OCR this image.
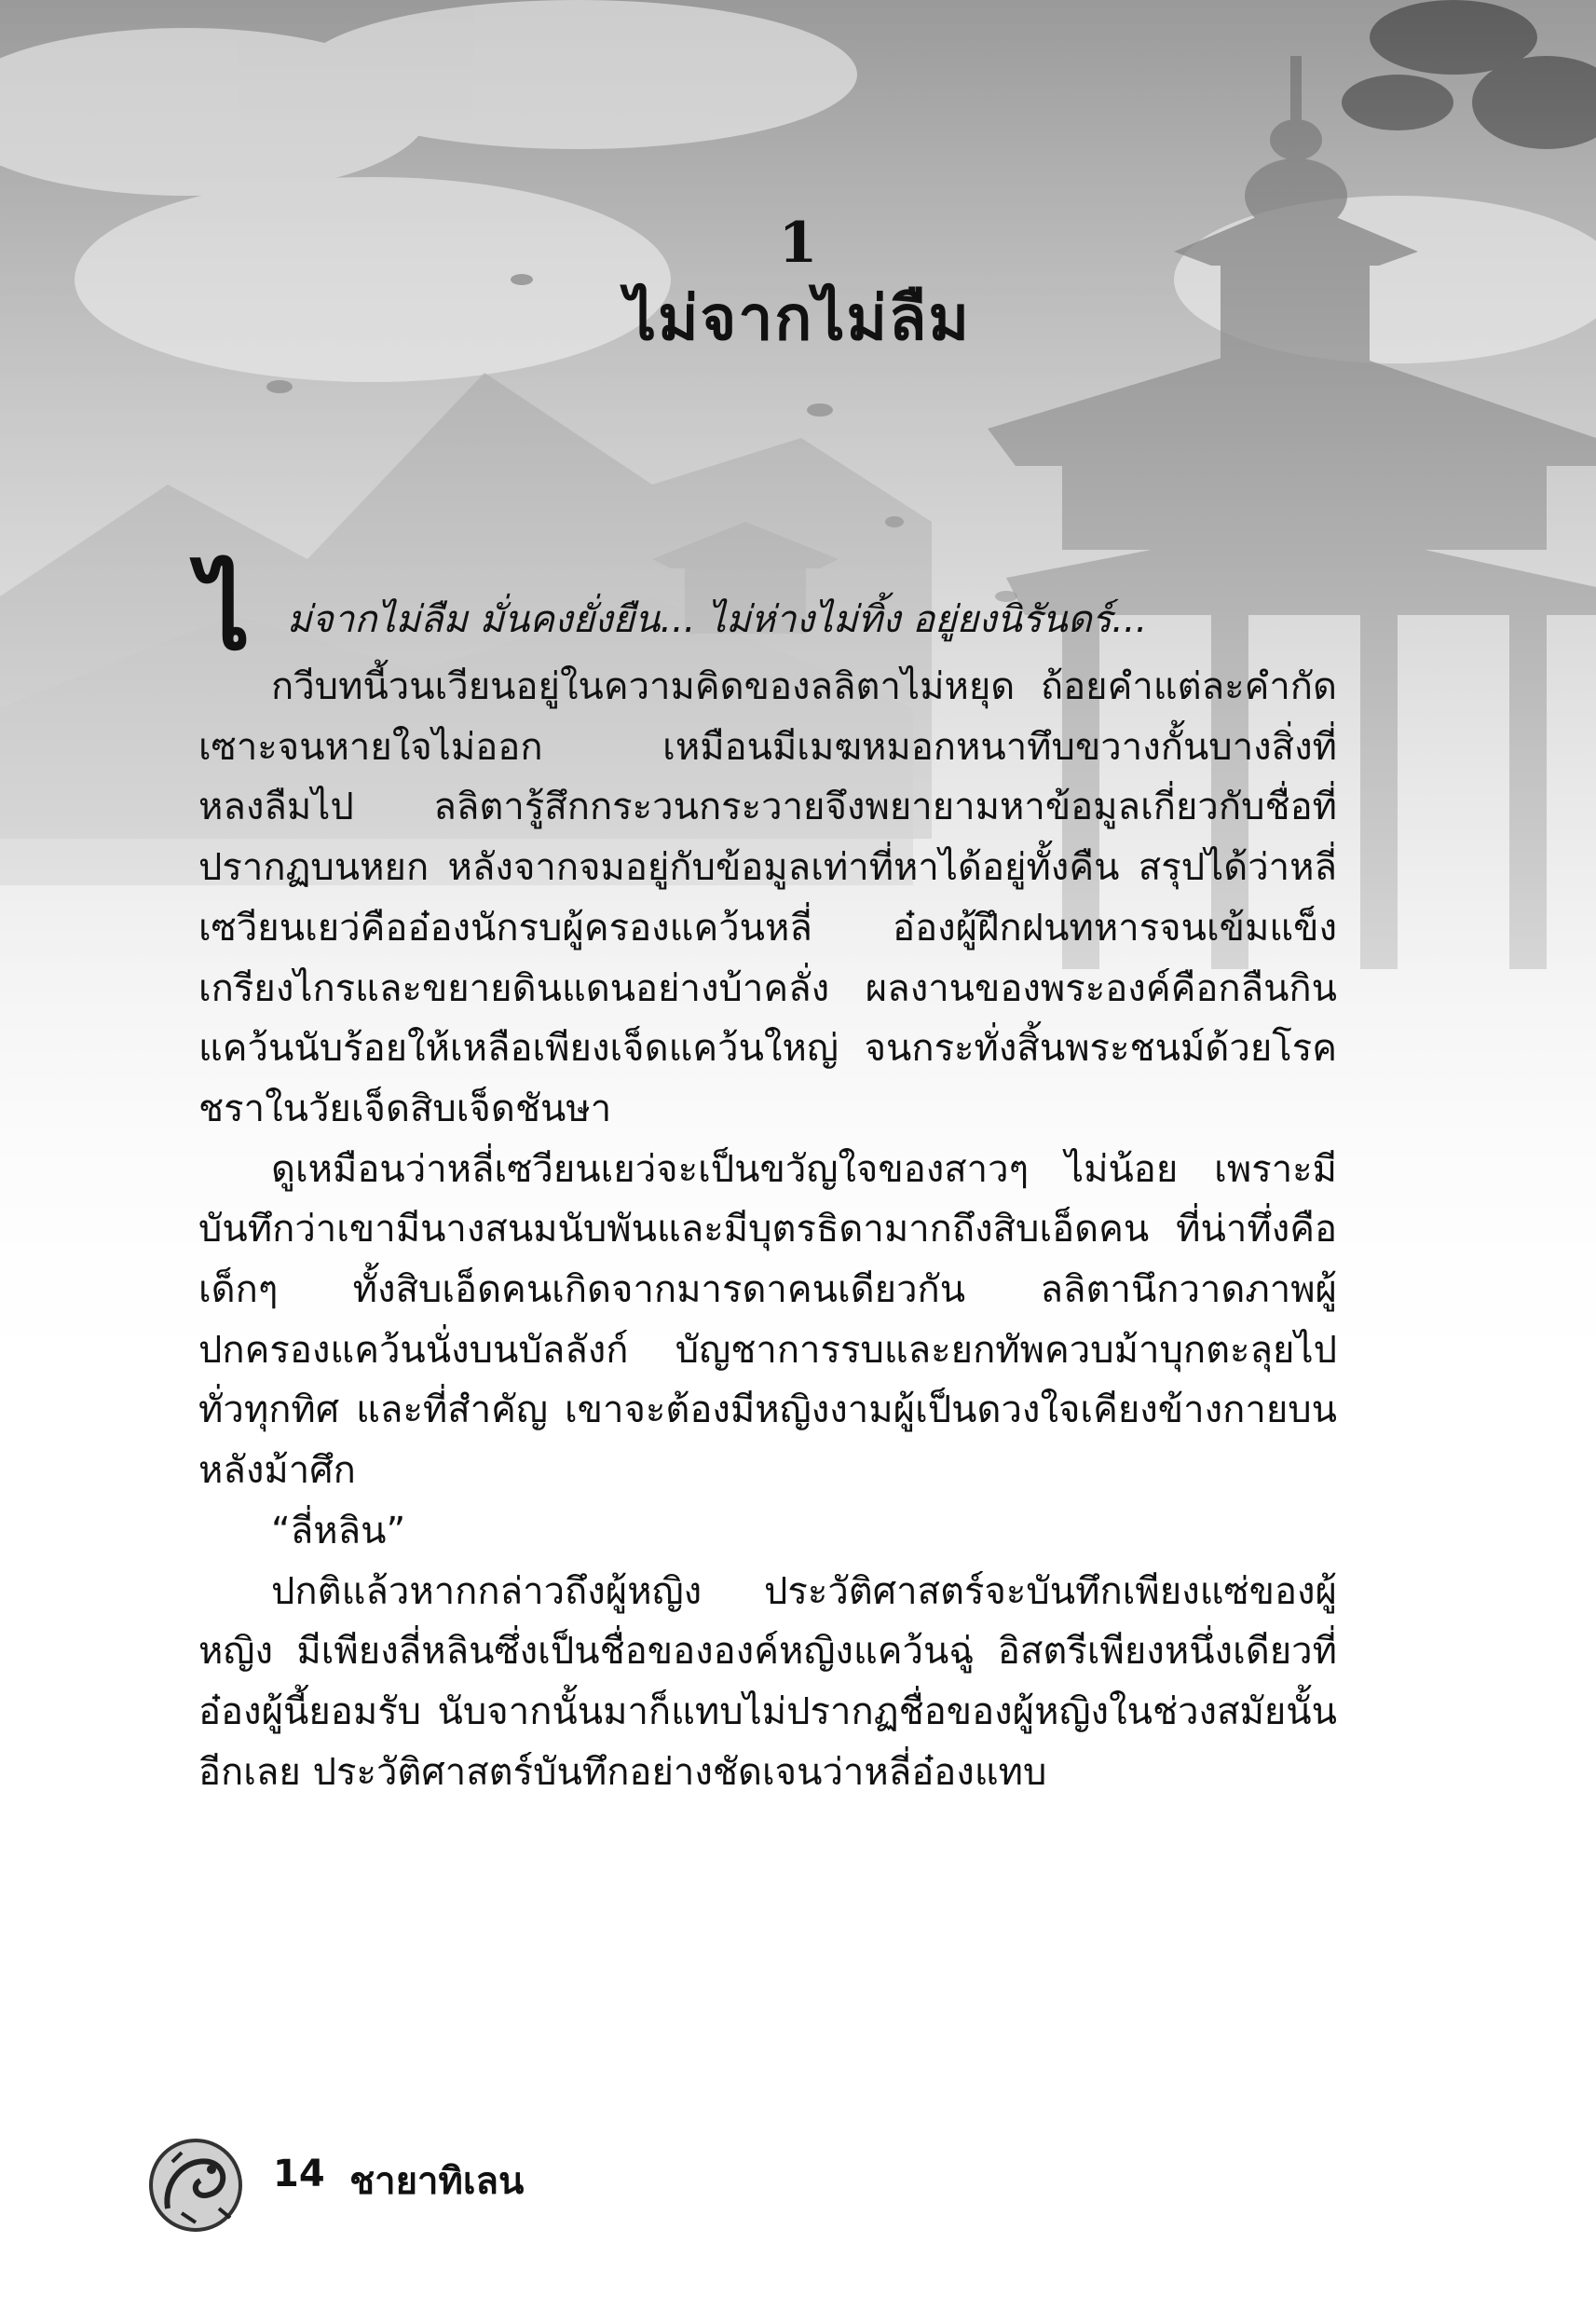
1
ไม่จากไม่ลืม
ไ ม่จากไม่ลืม มั่นคงยั่งยืน... ไม่ห่างไม่ทิ้ง อยู่ยงนิรันดร์...

กวีบทนี้วนเวียนอยู่ในความคิดของลลิตาไม่หยุด ถ้อยคำแต่ละคำกัดเซาะจนหายใจไม่ออก เหมือนมีเมฆหมอกหนาทึบขวางกั้นบางสิ่งที่หลงลืมไป ลลิตารู้สึกกระวนกระวายจึงพยายามหาข้อมูลเกี่ยวกับชื่อที่ปรากฏบนหยก หลังจากจมอยู่กับข้อมูลเท่าที่หาได้อยู่ทั้งคืน สรุปได้ว่าหลี่เซวียนเยว่คืออ๋องนักรบผู้ครองแคว้นหลี่ อ๋องผู้ฝึกฝนทหารจนเข้มแข็งเกรียงไกรและขยายดินแดนอย่างบ้าคลั่ง ผลงานของพระองค์คือกลืนกินแคว้นนับร้อยให้เหลือเพียงเจ็ดแคว้นใหญ่ จนกระทั่งสิ้นพระชนม์ด้วยโรคชราในวัยเจ็ดสิบเจ็ดชันษา

ดูเหมือนว่าหลี่เซวียนเยว่จะเป็นขวัญใจของสาวๆ ไม่น้อย เพราะมีบันทึกว่าเขามีนางสนมนับพันและมีบุตรธิดามากถึงสิบเอ็ดคน ที่น่าทึ่งคือเด็กๆ ทั้งสิบเอ็ดคนเกิดจากมารดาคนเดียวกัน ลลิตานึกวาดภาพผู้ปกครองแคว้นนั่งบนบัลลังก์ บัญชาการรบและยกทัพควบม้าบุกตะลุยไปทั่วทุกทิศ และที่สำคัญ เขาจะต้องมีหญิงงามผู้เป็นดวงใจเคียงข้างกายบนหลังม้าศึก

“ลี่หลิน”

ปกติแล้วหากกล่าวถึงผู้หญิง ประวัติศาสตร์จะบันทึกเพียงแซ่ของผู้หญิง มีเพียงลี่หลินซึ่งเป็นชื่อขององค์หญิงแคว้นฉู่ อิสตรีเพียงหนึ่งเดียวที่อ๋องผู้นี้ยอมรับ นับจากนั้นมาก็แทบไม่ปรากฏชื่อของผู้หญิงในช่วงสมัยนั้นอีกเลย ประวัติศาสตร์บันทึกอย่างชัดเจนว่าหลี่อ๋องแทบ

14 ชายาทิเลน
